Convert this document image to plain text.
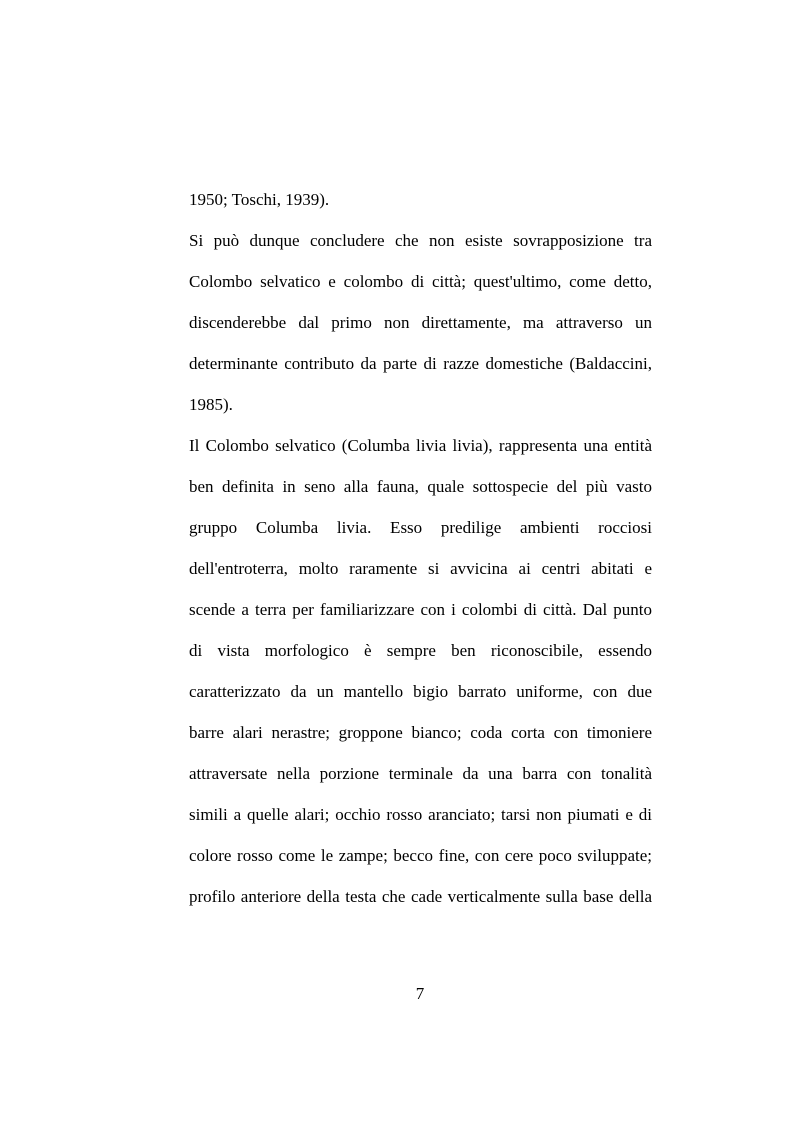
1950; Toschi, 1939).
Si può dunque concludere che non esiste sovrapposizione tra
Colombo selvatico e colombo di città; quest'ultimo, come detto,
discenderebbe dal primo non direttamente, ma attraverso un
determinante contributo da parte di razze domestiche (Baldaccini,
1985).
Il Colombo selvatico (Columba livia livia), rappresenta una entità
ben definita in seno alla fauna, quale sottospecie del più vasto
gruppo Columba livia. Esso predilige ambienti rocciosi
dell'entroterra, molto raramente si avvicina ai centri abitati e
scende a terra per familiarizzare con i colombi di città. Dal punto
di vista morfologico è sempre ben riconoscibile, essendo
caratterizzato da un mantello bigio barrato uniforme, con due
barre alari nerastre; groppone bianco; coda corta con timoniere
attraversate nella porzione terminale da una barra con tonalità
simili a quelle alari; occhio rosso aranciato; tarsi non piumati e di
colore rosso come le zampe; becco fine, con cere poco sviluppate;
profilo anteriore della testa che cade verticalmente sulla base della
7
